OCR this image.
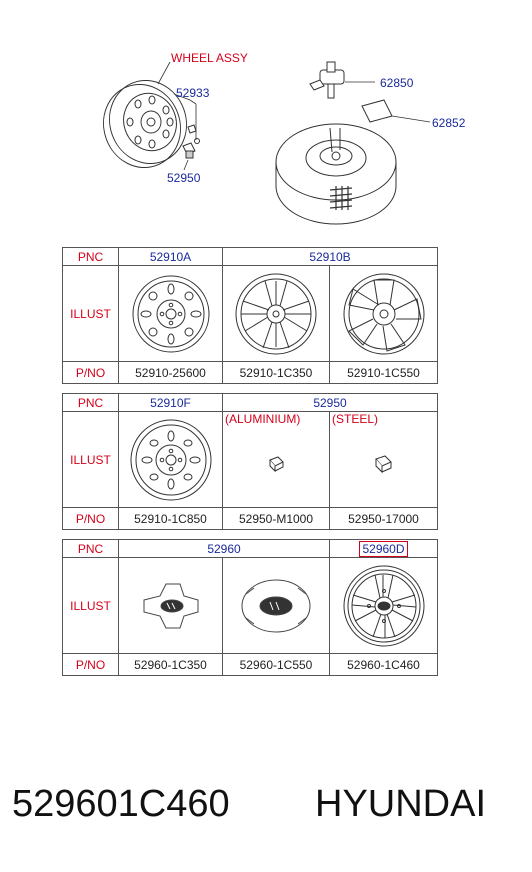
WHEEL ASSY
52933
52950
62850
62852
PNC	52910A	52910B	
ILLUST	

P/NO	52910-25600	52910-1C350	52910-1C550
PNC	52910F	52950	
ILLUST		(ALUMINIUM)	(STEEL)

P/NO	52910-1C850	52950-M1000	52950-17000
PNC	52960		52960D
ILLUST	

P/NO	52960-1C350	52960-1C550	52960-1C460
529601C460 HYUNDAI
